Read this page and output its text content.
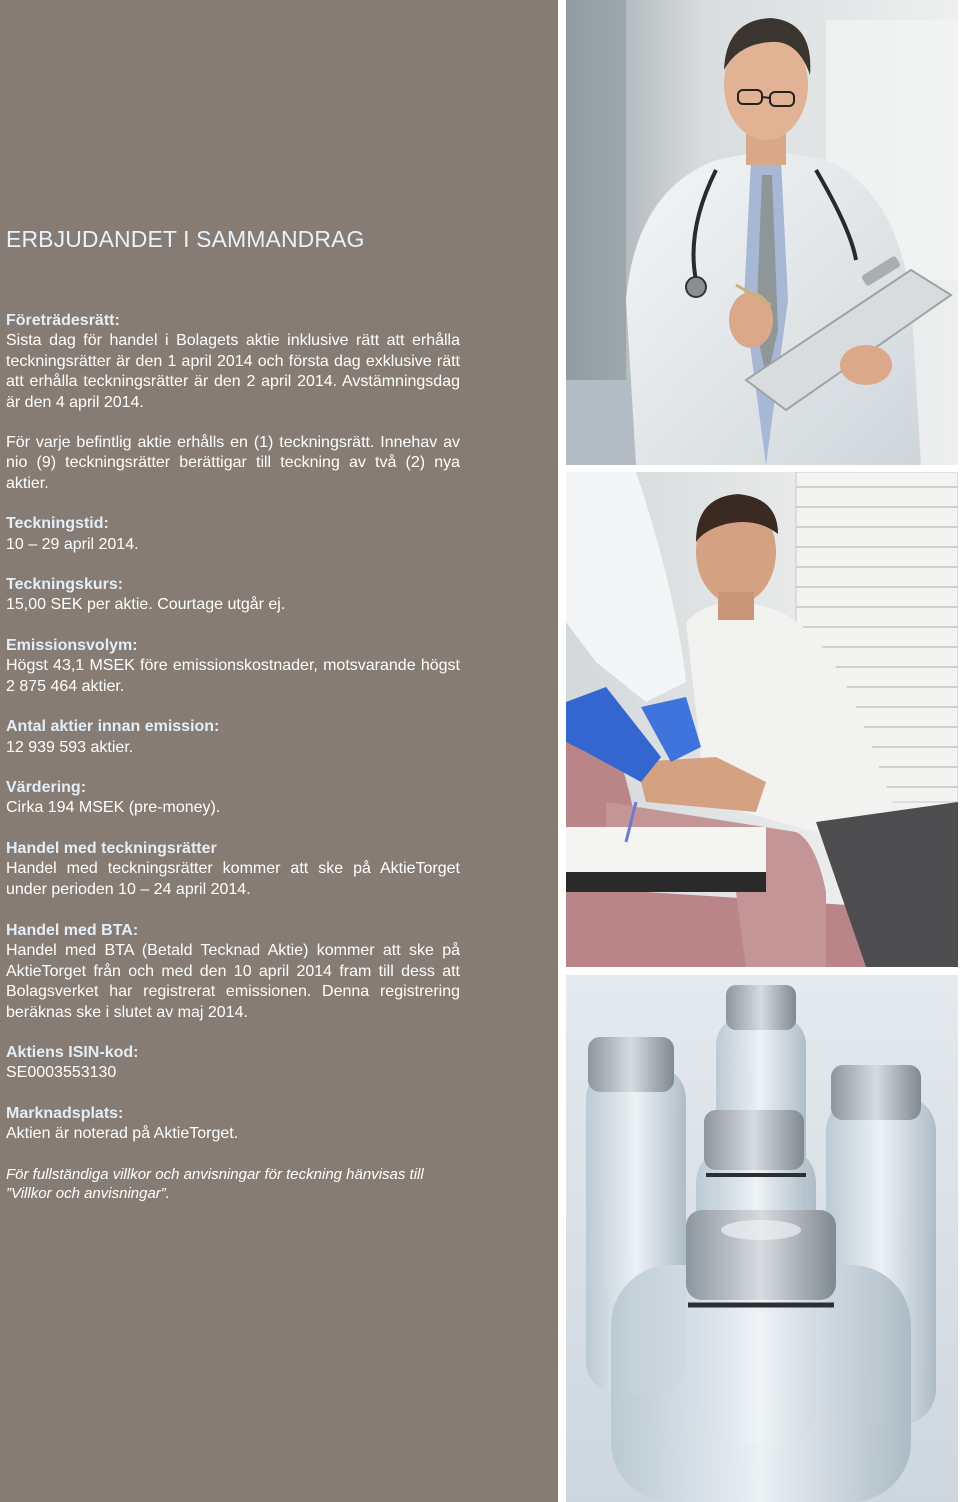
ERBJUDANDET I SAMMANDRAG
Företrädesrätt:

Sista dag för handel i Bolagets aktie inklusive rätt att erhålla teckningsrätter är den 1 april 2014 och första dag exklusive rätt att erhålla teckningsrätter är den 2 april 2014. Avstämningsdag är den 4 april 2014.

För varje befintlig aktie erhålls en (1) teckningsrätt. Innehav av nio (9) teckningsrätter berättigar till teckning av två (2) nya aktier.

Teckningstid:

10 – 29 april 2014.

Teckningskurs:

15,00 SEK per aktie. Courtage utgår ej.

Emissionsvolym:

Högst 43,1 MSEK före emissionskostnader, motsvarande högst 2 875 464 aktier.

Antal aktier innan emission:

12 939 593 aktier.

Värdering:

Cirka 194 MSEK (pre-money).

Handel med teckningsrätter

Handel med teckningsrätter kommer att ske på AktieTorget under perioden 10 – 24 april 2014.

Handel med BTA:

Handel med BTA (Betald Tecknad Aktie) kommer att ske på AktieTorget från och med den 10 april 2014 fram till dess att Bolagsverket har registrerat emissionen. Denna registrering beräknas ske i slutet av maj 2014.

Aktiens ISIN-kod:

SE0003553130

Marknadsplats:

Aktien är noterad på AktieTorget.

För fullständiga villkor och anvisningar för teckning hänvisas till ”Villkor och anvisningar”.
